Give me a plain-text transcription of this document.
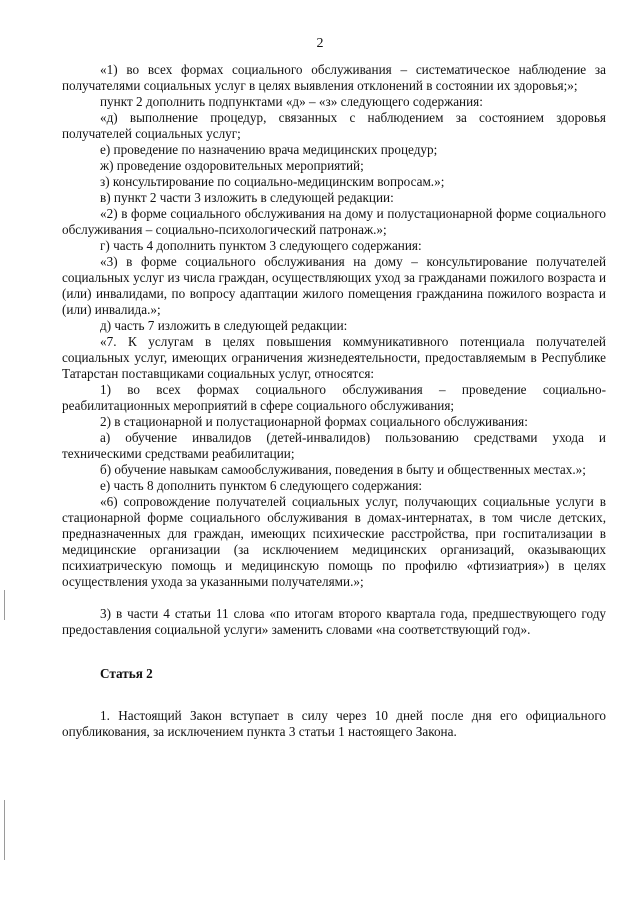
2

«1) во всех формах социального обслуживания – систематическое наблюдение за получателями социальных услуг в целях выявления отклонений в состоянии их здоровья;»;

пункт 2 дополнить подпунктами «д» – «з» следующего содержания:

«д) выполнение процедур, связанных с наблюдением за состоянием здоровья получателей социальных услуг;

е) проведение по назначению врача медицинских процедур;

ж) проведение оздоровительных мероприятий;

з) консультирование по социально-медицинским вопросам.»;

в) пункт 2 части 3 изложить в следующей редакции:

«2) в форме социального обслуживания на дому и полустационарной форме социального обслуживания – социально-психологический патронаж.»;

г) часть 4 дополнить пунктом 3 следующего содержания:

«3) в форме социального обслуживания на дому – консультирование получателей социальных услуг из числа граждан, осуществляющих уход за гражданами пожилого возраста и (или) инвалидами, по вопросу адаптации жилого помещения гражданина пожилого возраста и (или) инвалида.»;

д) часть 7 изложить в следующей редакции:

«7. К услугам в целях повышения коммуникативного потенциала получателей социальных услуг, имеющих ограничения жизнедеятельности, предоставляемым в Республике Татарстан поставщиками социальных услуг, относятся:

1) во всех формах социального обслуживания – проведение социально-реабилитационных мероприятий в сфере социального обслуживания;

2) в стационарной и полустационарной формах социального обслуживания:

а) обучение инвалидов (детей-инвалидов) пользованию средствами ухода и техническими средствами реабилитации;

б) обучение навыкам самообслуживания, поведения в быту и общественных местах.»;

е) часть 8 дополнить пунктом 6 следующего содержания:

«6) сопровождение получателей социальных услуг, получающих социальные услуги в стационарной форме социального обслуживания в домах-интернатах, в том числе детских, предназначенных для граждан, имеющих психические расстройства, при госпитализации в медицинские организации (за исключением медицинских организаций, оказывающих психиатрическую помощь и медицинскую помощь по профилю «фтизиатрия») в целях осуществления ухода за указанными получателями.»;

3) в части 4 статьи 11 слова «по итогам второго квартала года, предшествующего году предоставления социальной услуги» заменить словами «на соответствующий год».

Статья 2

1. Настоящий Закон вступает в силу через 10 дней после дня его официального опубликования, за исключением пункта 3 статьи 1 настоящего Закона.
